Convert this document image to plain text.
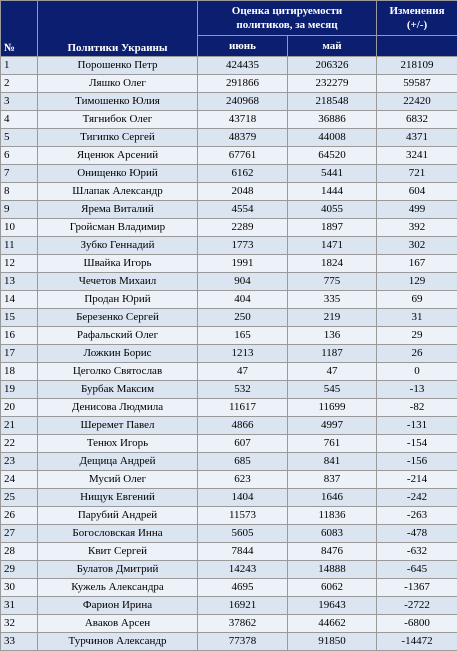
№	Политики Украины	Оценка цитируемости
политиков, за месяц		Изменения
(+/-)
		июнь	май	
1	Порошенко Петр	424435	206326	218109
2	Ляшко Олег	291866	232279	59587
3	Тимошенко Юлия	240968	218548	22420
4	Тягнибок Олег	43718	36886	6832
5	Тигипко Сергей	48379	44008	4371
6	Яценюк Арсений	67761	64520	3241
7	Онищенко Юрий	6162	5441	721
8	Шлапак Александр	2048	1444	604
9	Ярема Виталий	4554	4055	499
10	Гройсман Владимир	2289	1897	392
11	Зубко Геннадий	1773	1471	302
12	Швайка Игорь	1991	1824	167
13	Чечетов Михаил	904	775	129
14	Продан Юрий	404	335	69
15	Березенко Сергей	250	219	31
16	Рафальский Олег	165	136	29
17	Ложкин Борис	1213	1187	26
18	Цеголко Святослав	47	47	0
19	Бурбак Максим	532	545	-13
20	Денисова Людмила	11617	11699	-82
21	Шеремет Павел	4866	4997	-131
22	Тенюх Игорь	607	761	-154
23	Дещица Андрей	685	841	-156
24	Мусий Олег	623	837	-214
25	Нищук Евгений	1404	1646	-242
26	Парубий Андрей	11573	11836	-263
27	Богословская Инна	5605	6083	-478
28	Квит Сергей	7844	8476	-632
29	Булатов Дмитрий	14243	14888	-645
30	Кужель Александра	4695	6062	-1367
31	Фарион Ирина	16921	19643	-2722
32	Аваков Арсен	37862	44662	-6800
33	Турчинов Александр	77378	91850	-14472
